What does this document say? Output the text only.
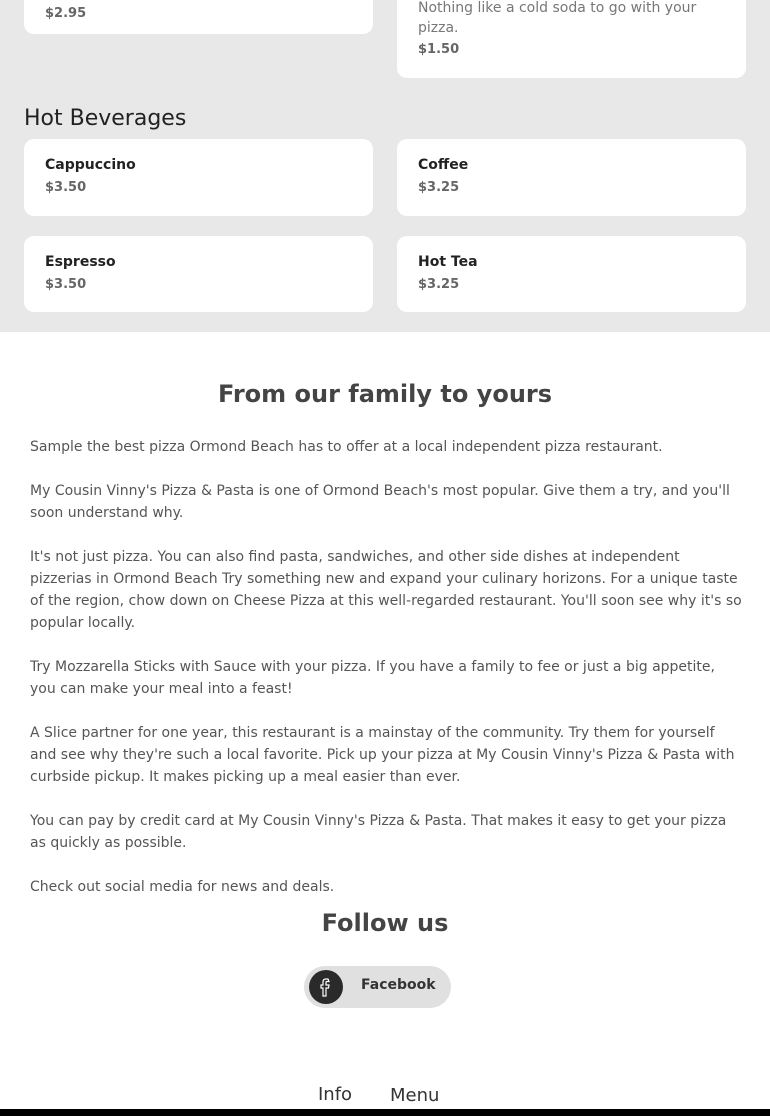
$2.95	Nothing like a cold soda to go with your pizza.
$1.50
Hot Beverages
Cappuccino
$3.50
Coffee
$3.25
Espresso
$3.50
Hot Tea
$3.25
From our family to yours

Sample the best pizza Ormond Beach has to offer at a local independent pizza restaurant.

My Cousin Vinny's Pizza & Pasta is one of Ormond Beach's most popular. Give them a try, and you'll soon understand why.

It's not just pizza. You can also find pasta, sandwiches, and other side dishes at independent pizzerias in Ormond Beach Try something new and expand your culinary horizons. For a unique taste of the region, chow down on Cheese Pizza at this well-regarded restaurant. You'll soon see why it's so popular locally.

Try Mozzarella Sticks with Sauce with your pizza. If you have a family to fee or just a big appetite, you can make your meal into a feast!

A Slice partner for one year, this restaurant is a mainstay of the community. Try them for yourself and see why they're such a local favorite. Pick up your pizza at My Cousin Vinny's Pizza & Pasta with curbside pickup. It makes picking up a meal easier than ever.

You can pay by credit card at My Cousin Vinny's Pizza & Pasta. That makes it easy to get your pizza as quickly as possible.

Check out social media for news and deals.

Follow us
Facebook
Info Menu
